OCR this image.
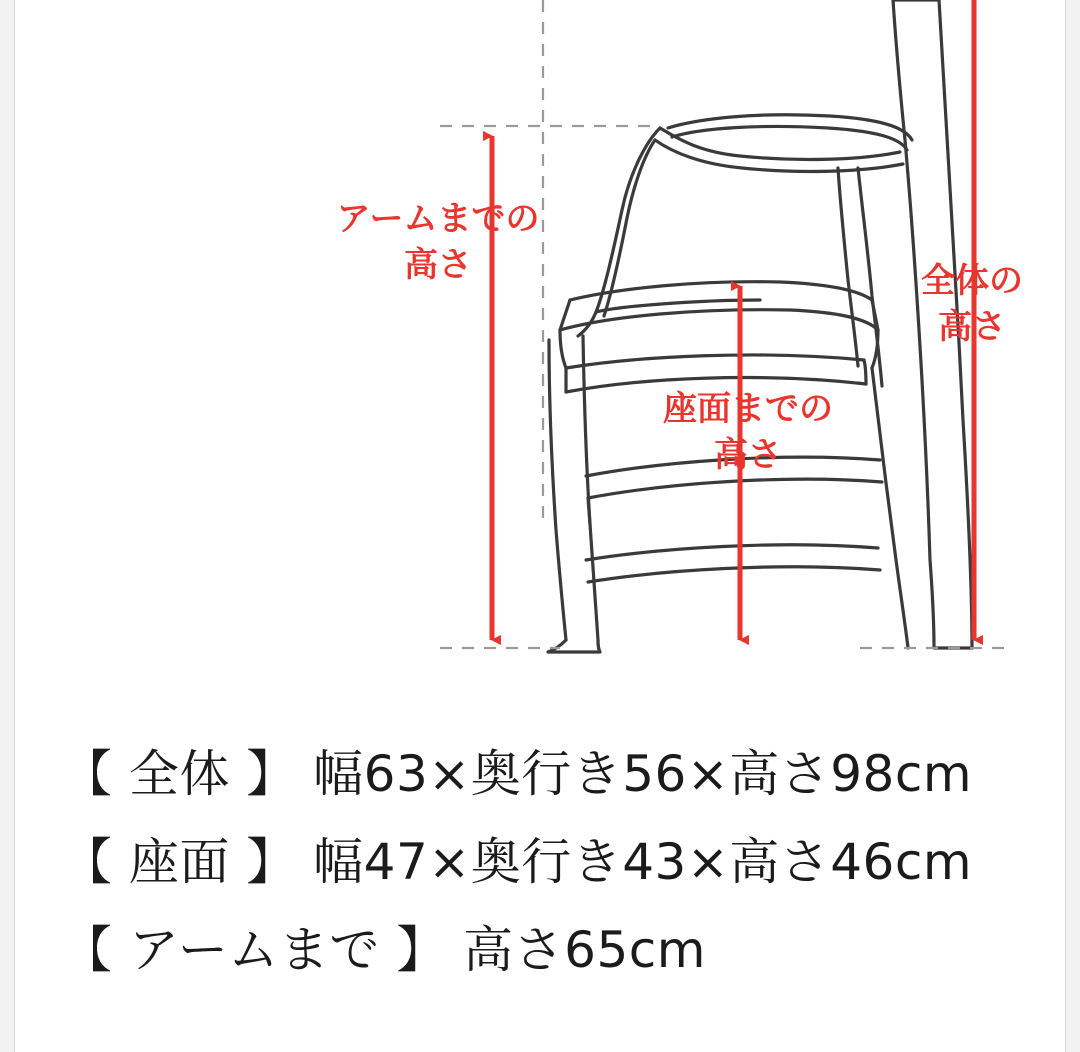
アームまでの
高さ
座面までの
高さ
全体の
高さ
【 全体 】 幅63×奥行き56×高さ98cm
【 座面 】 幅47×奥行き43×高さ46cm
【 アームまで 】 高さ65cm
